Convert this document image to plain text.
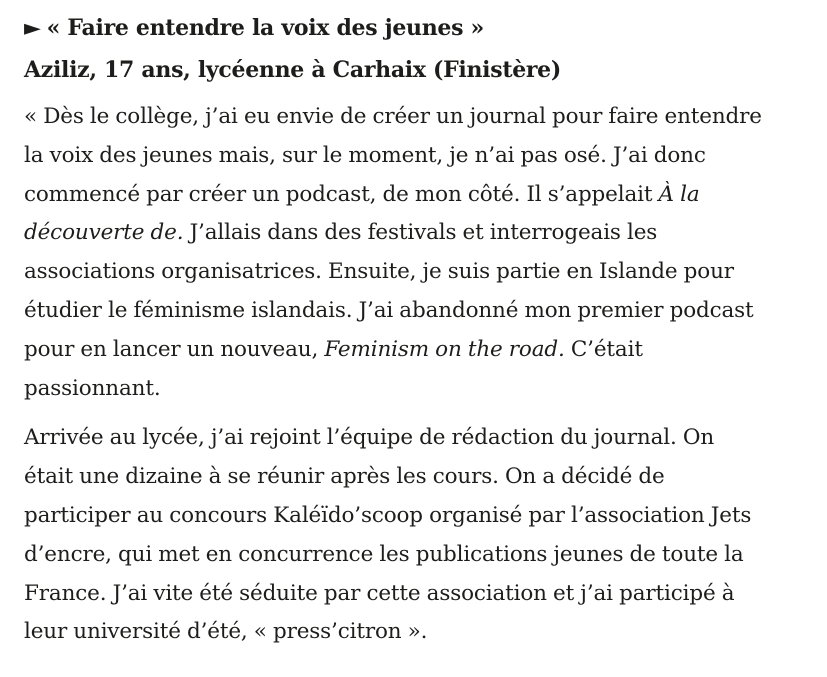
► « Faire entendre la voix des jeunes »
Aziliz, 17 ans, lycéenne à Carhaix (Finistère)

« Dès le collège, j’ai eu envie de créer un journal pour faire entendre
la voix des jeunes mais, sur le moment, je n’ai pas osé. J’ai donc
commencé par créer un podcast, de mon côté. Il s’appelait À la
découverte de. J’allais dans des festivals et interrogeais les
associations organisatrices. Ensuite, je suis partie en Islande pour
étudier le féminisme islandais. J’ai abandonné mon premier podcast
pour en lancer un nouveau, Feminism on the road. C’était
passionnant.

Arrivée au lycée, j’ai rejoint l’équipe de rédaction du journal. On
était une dizaine à se réunir après les cours. On a décidé de
participer au concours Kaléïdo’scoop organisé par l’association Jets
d’encre, qui met en concurrence les publications jeunes de toute la
France. J’ai vite été séduite par cette association et j’ai participé à
leur université d’été, « press’citron ».
